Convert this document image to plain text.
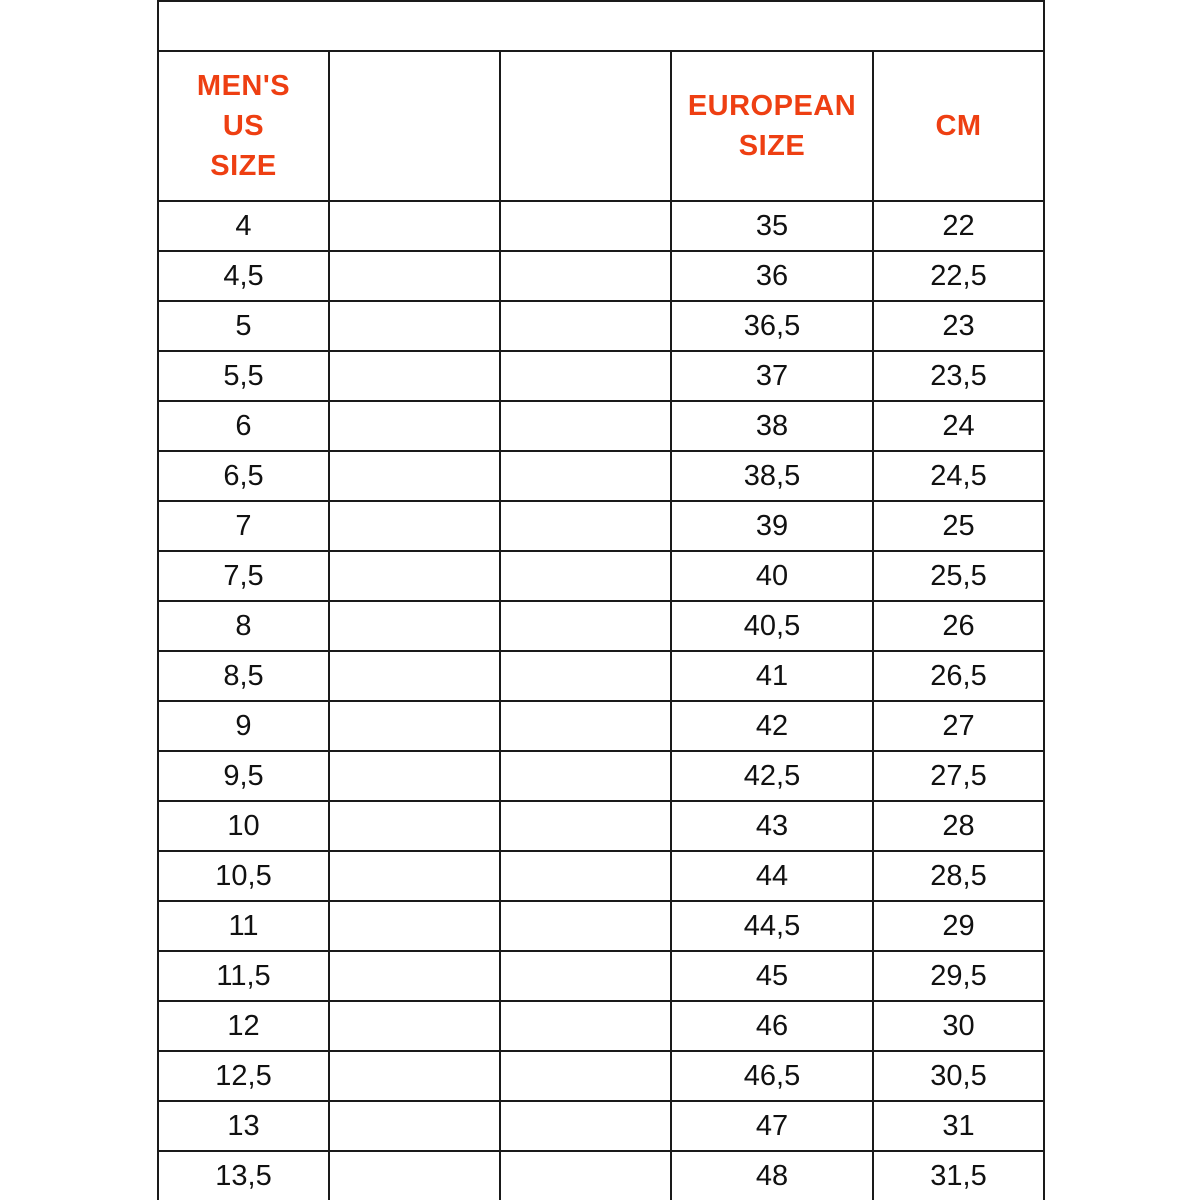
MEN'S
US
SIZE			EUROPEAN
SIZE	CM
4			35	22
4,5			36	22,5
5			36,5	23
5,5			37	23,5
6			38	24
6,5			38,5	24,5
7			39	25
7,5			40	25,5
8			40,5	26
8,5			41	26,5
9			42	27
9,5			42,5	27,5
10			43	28
10,5			44	28,5
11			44,5	29
11,5			45	29,5
12			46	30
12,5			46,5	30,5
13			47	31
13,5			48	31,5
